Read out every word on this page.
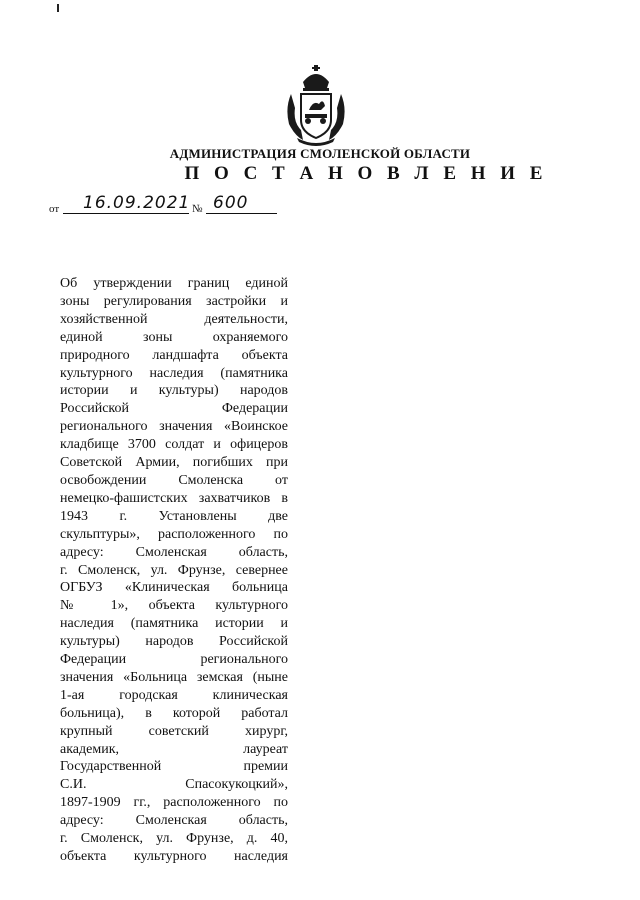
АДМИНИСТРАЦИЯ СМОЛЕНСКОЙ ОБЛАСТИ
П О С Т А Н О В Л Е Н И Е
от 16.09.2021 № 600
Об утверждении границ единой
зоны регулирования застройки и
хозяйственной деятельности,
единой зоны охраняемого
природного ландшафта объекта
культурного наследия (памятника
истории и культуры) народов
Российской Федерации
регионального значения «Воинское
кладбище 3700 солдат и офицеров
Советской Армии, погибших при
освобождении Смоленска от
немецко-фашистских захватчиков в
1943 г. Установлены две
скульптуры», расположенного по
адресу: Смоленская область,
г. Смоленск, ул. Фрунзе, севернее
ОГБУЗ «Клиническая больница
№ 1», объекта культурного
наследия (памятника истории и
культуры) народов Российской
Федерации регионального
значения «Больница земская (ныне
1-ая городская клиническая
больница), в которой работал
крупный советский хирург,
академик, лауреат
Государственной премии
С.И. Спасокукоцкий»,
1897-1909 гг., расположенного по
адресу: Смоленская область,
г. Смоленск, ул. Фрунзе, д. 40,
объекта культурного наследия
